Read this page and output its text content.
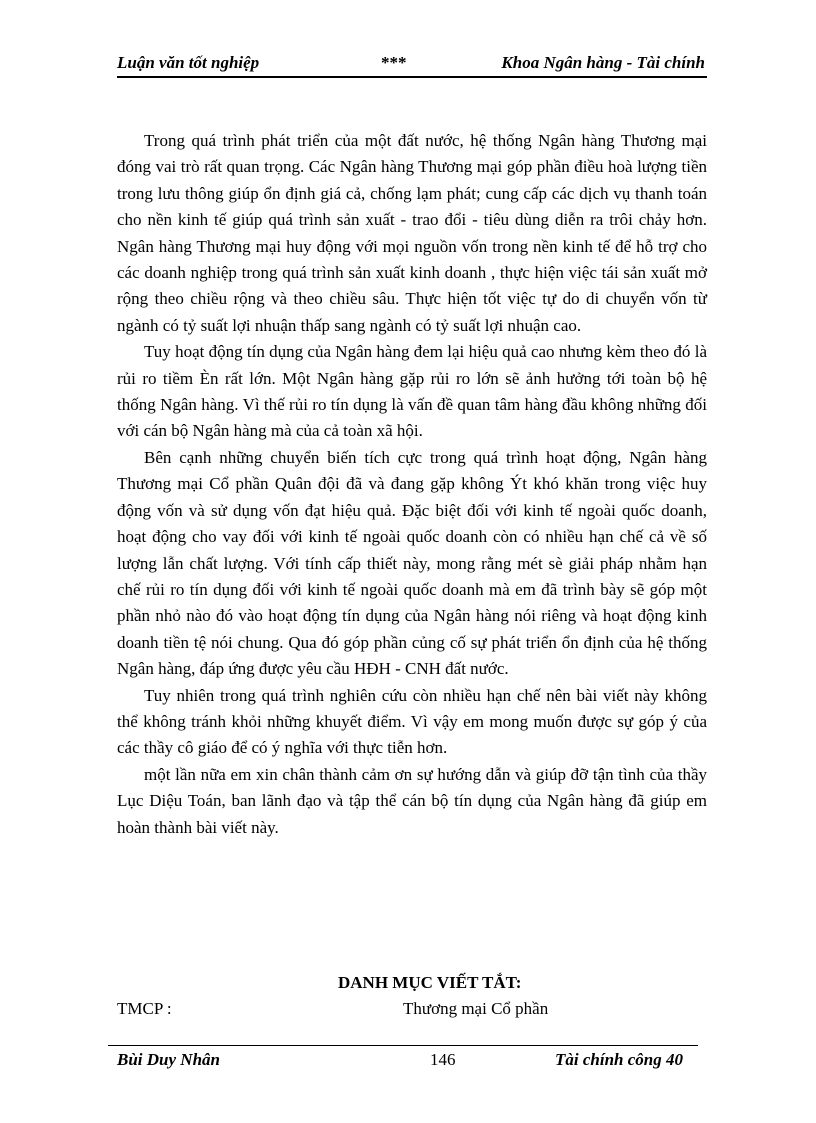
Luận văn tốt nghiệp	***	Khoa Ngân hàng - Tài chính

Trong quá trình phát triển của một đất nước, hệ thống Ngân hàng Thương mại đóng vai trò rất quan trọng. Các Ngân hàng Thương mại góp phần điều hoà lượng tiền trong lưu thông giúp ổn định giá cả, chống lạm phát; cung cấp các dịch vụ thanh toán cho nền kinh tế giúp quá trình sản xuất - trao đổi - tiêu dùng diễn ra trôi chảy hơn. Ngân hàng Thương mại huy động với mọi nguồn vốn trong nền kinh tế để hỗ trợ cho các doanh nghiệp trong quá trình sản xuất kinh doanh , thực hiện việc tái sản xuất mở rộng theo chiều rộng và theo chiều sâu. Thực hiện tốt việc tự do di chuyển vốn từ ngành có tỷ suất lợi nhuận thấp sang ngành có tỷ suất lợi nhuận cao.

Tuy hoạt động tín dụng của Ngân hàng đem lại hiệu quả cao nhưng kèm theo đó là rủi ro tiềm Èn rất lớn. Một Ngân hàng gặp rủi ro lớn sẽ ảnh hưởng tới toàn bộ hệ thống Ngân hàng. Vì thế rủi ro tín dụng là vấn đề quan tâm hàng đầu không những đối với cán bộ Ngân hàng mà của cả toàn xã hội.

Bên cạnh những chuyển biến tích cực trong quá trình hoạt động, Ngân hàng Thương mại Cổ phần Quân đội đã và đang gặp không Ýt khó khăn trong việc huy động vốn và sử dụng vốn đạt hiệu quả. Đặc biệt đối với kinh tế ngoài quốc doanh, hoạt động cho vay đối với kinh tế ngoài quốc doanh còn có nhiều hạn chế cả về số lượng lẫn chất lượng. Với tính cấp thiết này, mong rằng mét sè giải pháp nhằm hạn chế rủi ro tín dụng đối với kinh tế ngoài quốc doanh mà em đã trình bày sẽ góp một phần nhỏ nào đó vào hoạt động tín dụng của Ngân hàng nói riêng và hoạt động kinh doanh tiền tệ nói chung. Qua đó góp phần củng cố sự phát triển ổn định của hệ thống Ngân hàng, đáp ứng được yêu cầu HĐH - CNH đất nước.

Tuy nhiên trong quá trình nghiên cứu còn nhiều hạn chế nên bài viết này không thể không tránh khỏi những khuyết điểm. Vì vậy em mong muốn được sự góp ý của các thầy cô giáo để có ý nghĩa với thực tiễn hơn.

một lần nữa em xin chân thành cảm ơn sự hướng dẫn và giúp đỡ tận tình của thầy Lục Diệu Toán, ban lãnh đạo và tập thể cán bộ tín dụng của Ngân hàng đã giúp em hoàn thành bài viết này.

DANH MỤC VIẾT TẮT:
TMCP :	Thương mại Cổ phần
Bùi Duy Nhân	146	Tài chính công 40
